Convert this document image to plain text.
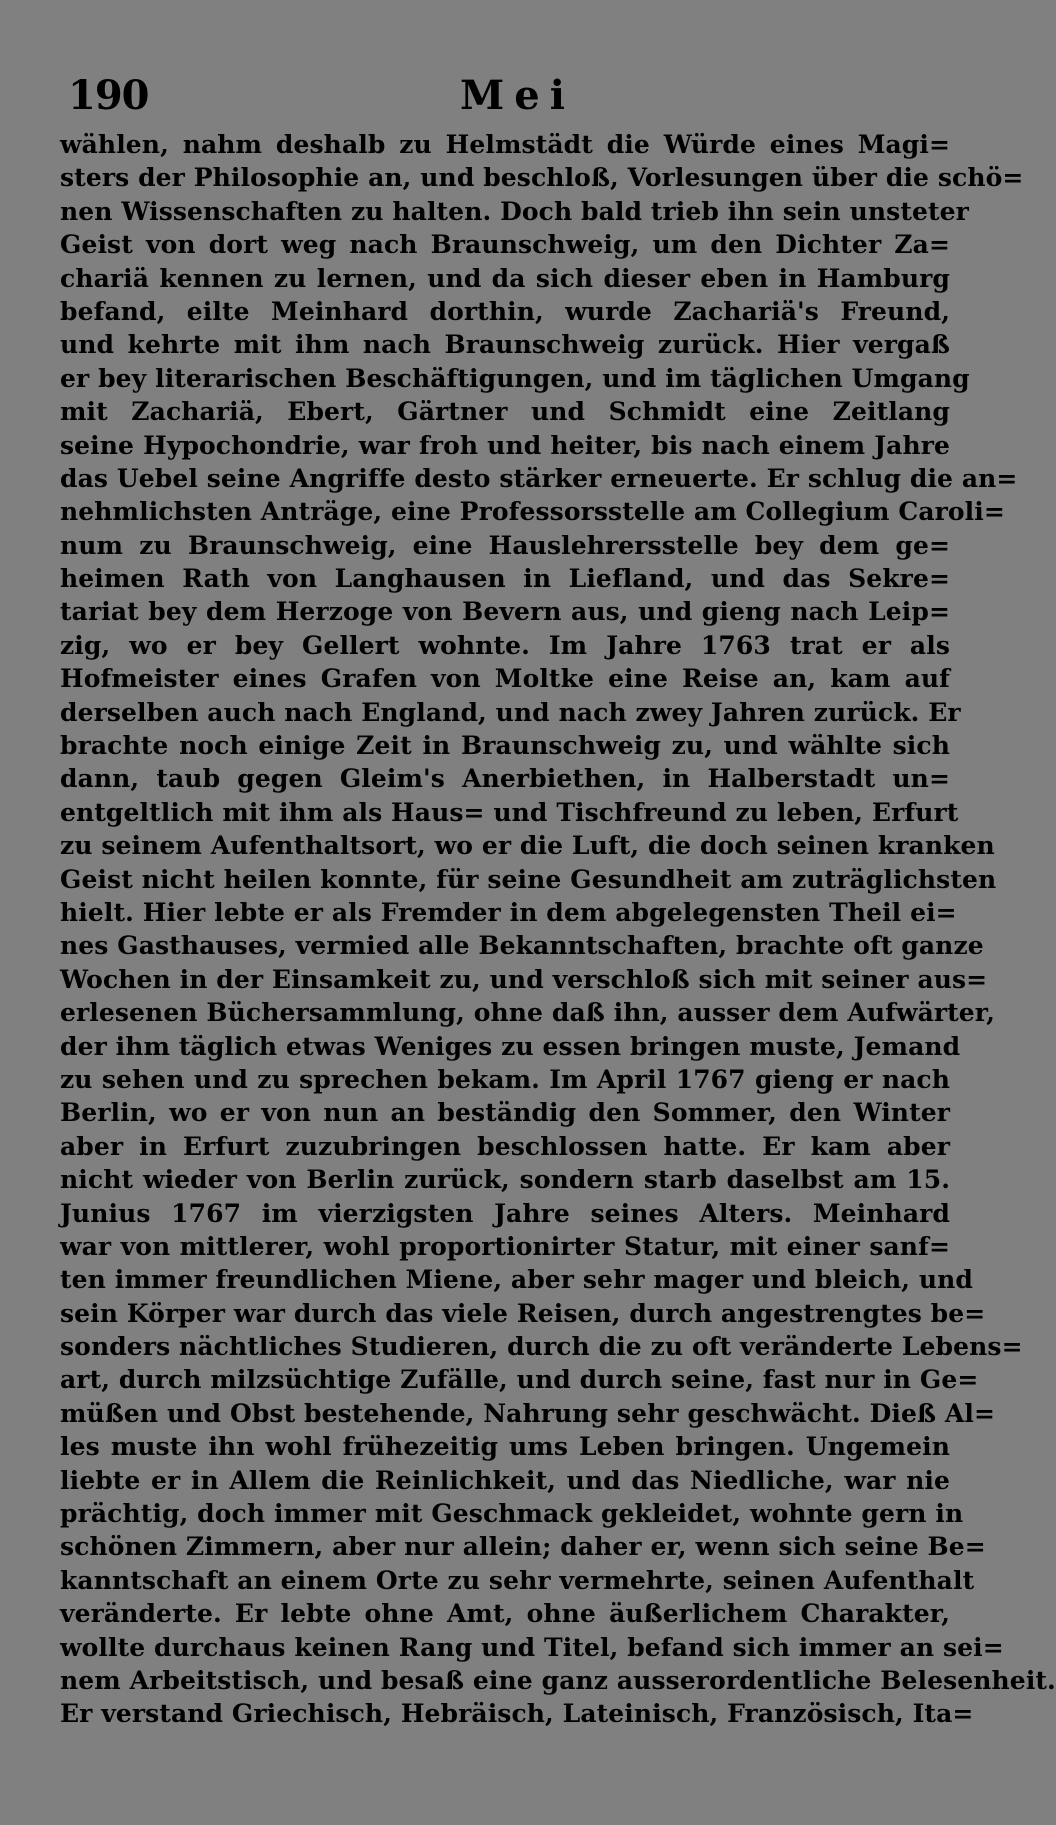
190	Mei
wählen, nahm deshalb zu Helmstädt die Würde eines Magi=
sters der Philosophie an, und beschloß, Vorlesungen über die schö=
nen Wissenschaften zu halten. Doch bald trieb ihn sein unsteter
Geist von dort weg nach Braunschweig, um den Dichter Za=
chariä kennen zu lernen, und da sich dieser eben in Hamburg
befand, eilte Meinhard dorthin, wurde Zachariä's Freund,
und kehrte mit ihm nach Braunschweig zurück. Hier vergaß
er bey literarischen Beschäftigungen, und im täglichen Umgang
mit Zachariä, Ebert, Gärtner und Schmidt eine Zeitlang
seine Hypochondrie, war froh und heiter, bis nach einem Jahre
das Uebel seine Angriffe desto stärker erneuerte. Er schlug die an=
nehmlichsten Anträge, eine Professorsstelle am Collegium Caroli=
num zu Braunschweig, eine Hauslehrersstelle bey dem ge=
heimen Rath von Langhausen in Liefland, und das Sekre=
tariat bey dem Herzoge von Bevern aus, und gieng nach Leip=
zig, wo er bey Gellert wohnte. Im Jahre 1763 trat er als
Hofmeister eines Grafen von Moltke eine Reise an, kam auf
derselben auch nach England, und nach zwey Jahren zurück. Er
brachte noch einige Zeit in Braunschweig zu, und wählte sich
dann, taub gegen Gleim's Anerbiethen, in Halberstadt un=
entgeltlich mit ihm als Haus= und Tischfreund zu leben, Erfurt
zu seinem Aufenthaltsort, wo er die Luft, die doch seinen kranken
Geist nicht heilen konnte, für seine Gesundheit am zuträglichsten
hielt. Hier lebte er als Fremder in dem abgelegensten Theil ei=
nes Gasthauses, vermied alle Bekanntschaften, brachte oft ganze
Wochen in der Einsamkeit zu, und verschloß sich mit seiner aus=
erlesenen Büchersammlung, ohne daß ihn, ausser dem Aufwärter,
der ihm täglich etwas Weniges zu essen bringen muste, Jemand
zu sehen und zu sprechen bekam. Im April 1767 gieng er nach
Berlin, wo er von nun an beständig den Sommer, den Winter
aber in Erfurt zuzubringen beschlossen hatte. Er kam aber
nicht wieder von Berlin zurück, sondern starb daselbst am 15.
Junius 1767 im vierzigsten Jahre seines Alters. Meinhard
war von mittlerer, wohl proportionirter Statur, mit einer sanf=
ten immer freundlichen Miene, aber sehr mager und bleich, und
sein Körper war durch das viele Reisen, durch angestrengtes be=
sonders nächtliches Studieren, durch die zu oft veränderte Lebens=
art, durch milzsüchtige Zufälle, und durch seine, fast nur in Ge=
müßen und Obst bestehende, Nahrung sehr geschwächt. Dieß Al=
les muste ihn wohl frühezeitig ums Leben bringen. Ungemein
liebte er in Allem die Reinlichkeit, und das Niedliche, war nie
prächtig, doch immer mit Geschmack gekleidet, wohnte gern in
schönen Zimmern, aber nur allein; daher er, wenn sich seine Be=
kanntschaft an einem Orte zu sehr vermehrte, seinen Aufenthalt
veränderte. Er lebte ohne Amt, ohne äußerlichem Charakter,
wollte durchaus keinen Rang und Titel, befand sich immer an sei=
nem Arbeitstisch, und besaß eine ganz ausserordentliche Belesenheit.
Er verstand Griechisch, Hebräisch, Lateinisch, Französisch, Ita=
